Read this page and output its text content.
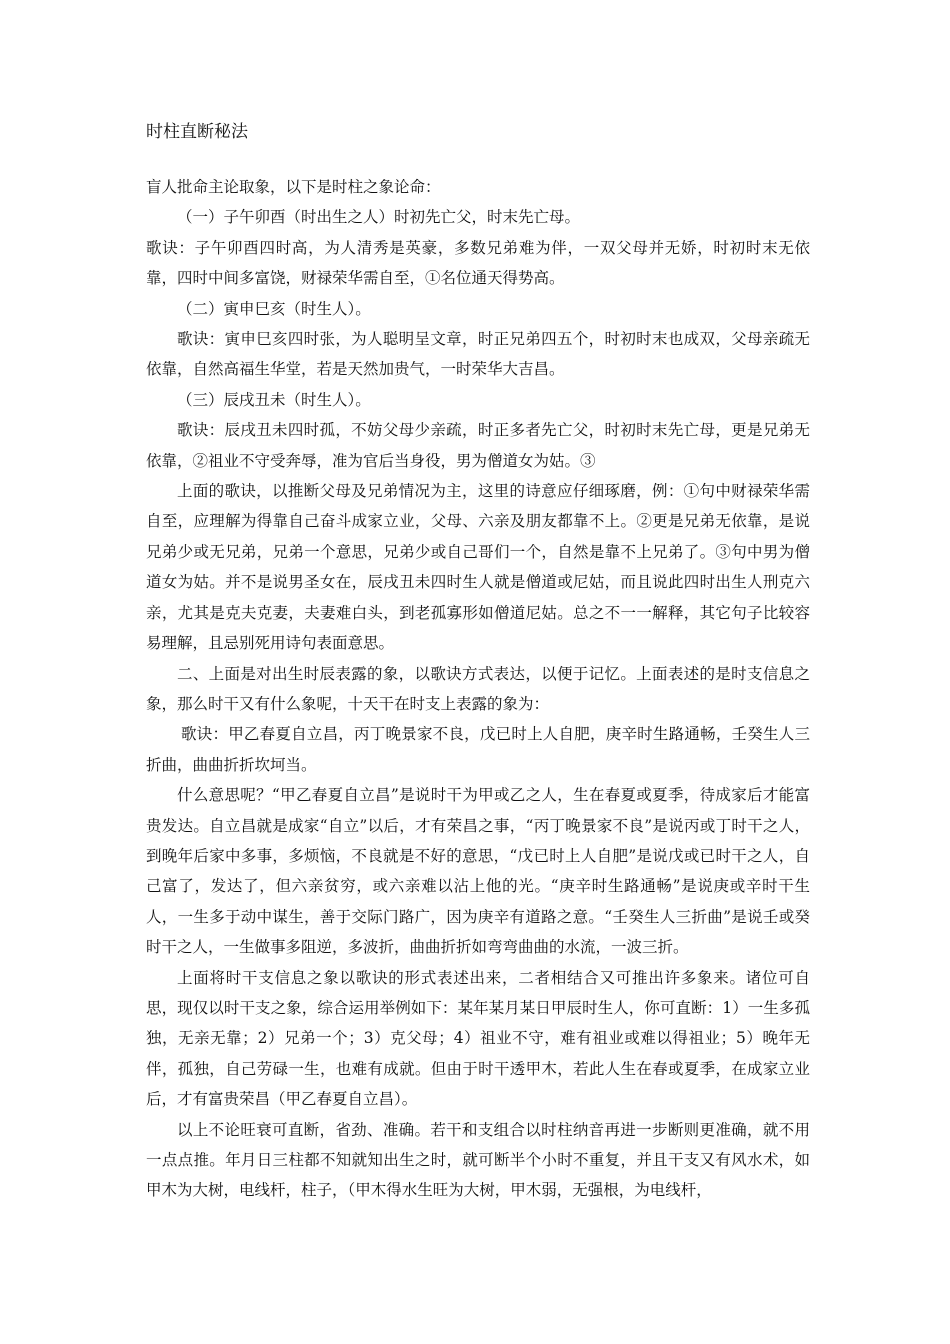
时柱直断秘法

盲人批命主论取象，以下是时柱之象论命：

（一）子午卯酉（时出生之人）时初先亡父，时末先亡母。

歌诀：子午卯酉四时高，为人清秀是英豪，多数兄弟难为伴，一双父母并无娇，时初时末无依靠，四时中间多富饶，财禄荣华需自至，①名位通天得势高。

（二）寅申巳亥（时生人）。

歌诀：寅申巳亥四时张，为人聪明呈文章，时正兄弟四五个，时初时末也成双，父母亲疏无依靠，自然高福生华堂，若是天然加贵气，一时荣华大吉昌。

（三）辰戌丑未（时生人）。

歌诀：辰戌丑未四时孤，不妨父母少亲疏，时正多者先亡父，时初时末先亡母，更是兄弟无依靠，②祖业不守受奔辱，准为官后当身役，男为僧道女为姑。③

上面的歌诀，以推断父母及兄弟情况为主，这里的诗意应仔细琢磨，例：①句中财禄荣华需自至，应理解为得靠自己奋斗成家立业，父母、六亲及朋友都靠不上。②更是兄弟无依靠，是说兄弟少或无兄弟，兄弟一个意思，兄弟少或自己哥们一个，自然是靠不上兄弟了。③句中男为僧道女为姑。并不是说男圣女在，辰戌丑未四时生人就是僧道或尼姑，而且说此四时出生人刑克六亲，尤其是克夫克妻，夫妻难白头，到老孤寡形如僧道尼姑。总之不一一解释，其它句子比较容易理解，且忌别死用诗句表面意思。

二、上面是对出生时辰表露的象，以歌诀方式表达，以便于记忆。上面表述的是时支信息之象，那么时干又有什么象呢，十天干在时支上表露的象为：

歌诀：甲乙春夏自立昌，丙丁晚景家不良，戊已时上人自肥，庚辛时生路通畅，壬癸生人三折曲，曲曲折折坎坷当。

什么意思呢？“甲乙春夏自立昌”是说时干为甲或乙之人，生在春夏或夏季，待成家后才能富贵发达。自立昌就是成家“自立”以后，才有荣昌之事，“丙丁晚景家不良”是说丙或丁时干之人，到晚年后家中多事，多烦恼，不良就是不好的意思，“戊已时上人自肥”是说戊或已时干之人，自己富了，发达了，但六亲贫穷，或六亲难以沾上他的光。“庚辛时生路通畅”是说庚或辛时干生人，一生多于动中谋生，善于交际门路广，因为庚辛有道路之意。“壬癸生人三折曲”是说壬或癸时干之人，一生做事多阻逆，多波折，曲曲折折如弯弯曲曲的水流，一波三折。

上面将时干支信息之象以歌诀的形式表述出来，二者相结合又可推出许多象来。诸位可自思，现仅以时干支之象，综合运用举例如下：某年某月某日甲辰时生人，你可直断：1）一生多孤独，无亲无靠；2）兄弟一个；3）克父母；4）祖业不守，难有祖业或难以得祖业；5）晚年无伴，孤独，自己劳碌一生，也难有成就。但由于时干透甲木，若此人生在春或夏季，在成家立业后，才有富贵荣昌（甲乙春夏自立昌）。

以上不论旺衰可直断，省劲、准确。若干和支组合以时柱纳音再进一步断则更准确，就不用一点点推。年月日三柱都不知就知出生之时，就可断半个小时不重复，并且干支又有风水术，如甲木为大树，电线杆，柱子，（甲木得水生旺为大树，甲木弱，无强根，为电线杆，
